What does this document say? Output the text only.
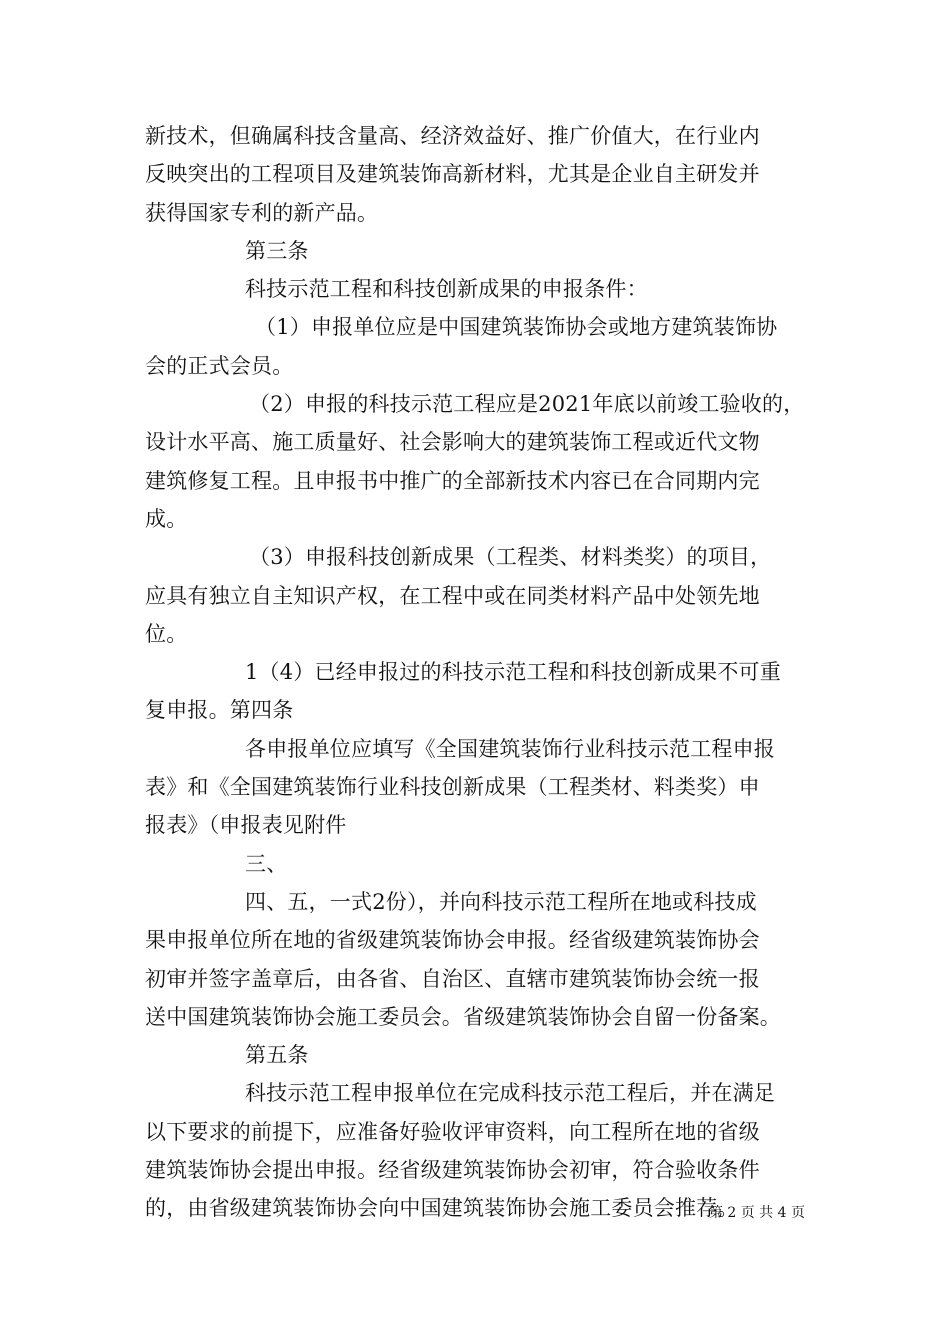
新技术，但确属科技含量高、经济效益好、推广价值大，在行业内
反映突出的工程项目及建筑装饰高新材料，尤其是企业自主研发并
获得国家专利的新产品。
第三条
科技示范工程和科技创新成果的申报条件：
（1）申报单位应是中国建筑装饰协会或地方建筑装饰协
会的正式会员。
（2）申报的科技示范工程应是2021年底以前竣工验收的，
设计水平高、施工质量好、社会影响大的建筑装饰工程或近代文物
建筑修复工程。且申报书中推广的全部新技术内容已在合同期内完
成。
（3）申报科技创新成果（工程类、材料类奖）的项目，
应具有独立自主知识产权，在工程中或在同类材料产品中处领先地
位。
1（4）已经申报过的科技示范工程和科技创新成果不可重
复申报。第四条
各申报单位应填写《全国建筑装饰行业科技示范工程申报
表》和《全国建筑装饰行业科技创新成果（工程类材、料类奖）申
报表》（申报表见附件
三、
四、五，一式2份），并向科技示范工程所在地或科技成
果申报单位所在地的省级建筑装饰协会申报。经省级建筑装饰协会
初审并签字盖章后，由各省、自治区、直辖市建筑装饰协会统一报
送中国建筑装饰协会施工委员会。省级建筑装饰协会自留一份备案。
第五条
科技示范工程申报单位在完成科技示范工程后，并在满足
以下要求的前提下，应准备好验收评审资料，向工程所在地的省级
建筑装饰协会提出申报。经省级建筑装饰协会初审，符合验收条件
的，由省级建筑装饰协会向中国建筑装饰协会施工委员会推荐。
第 2 页 共 4 页
